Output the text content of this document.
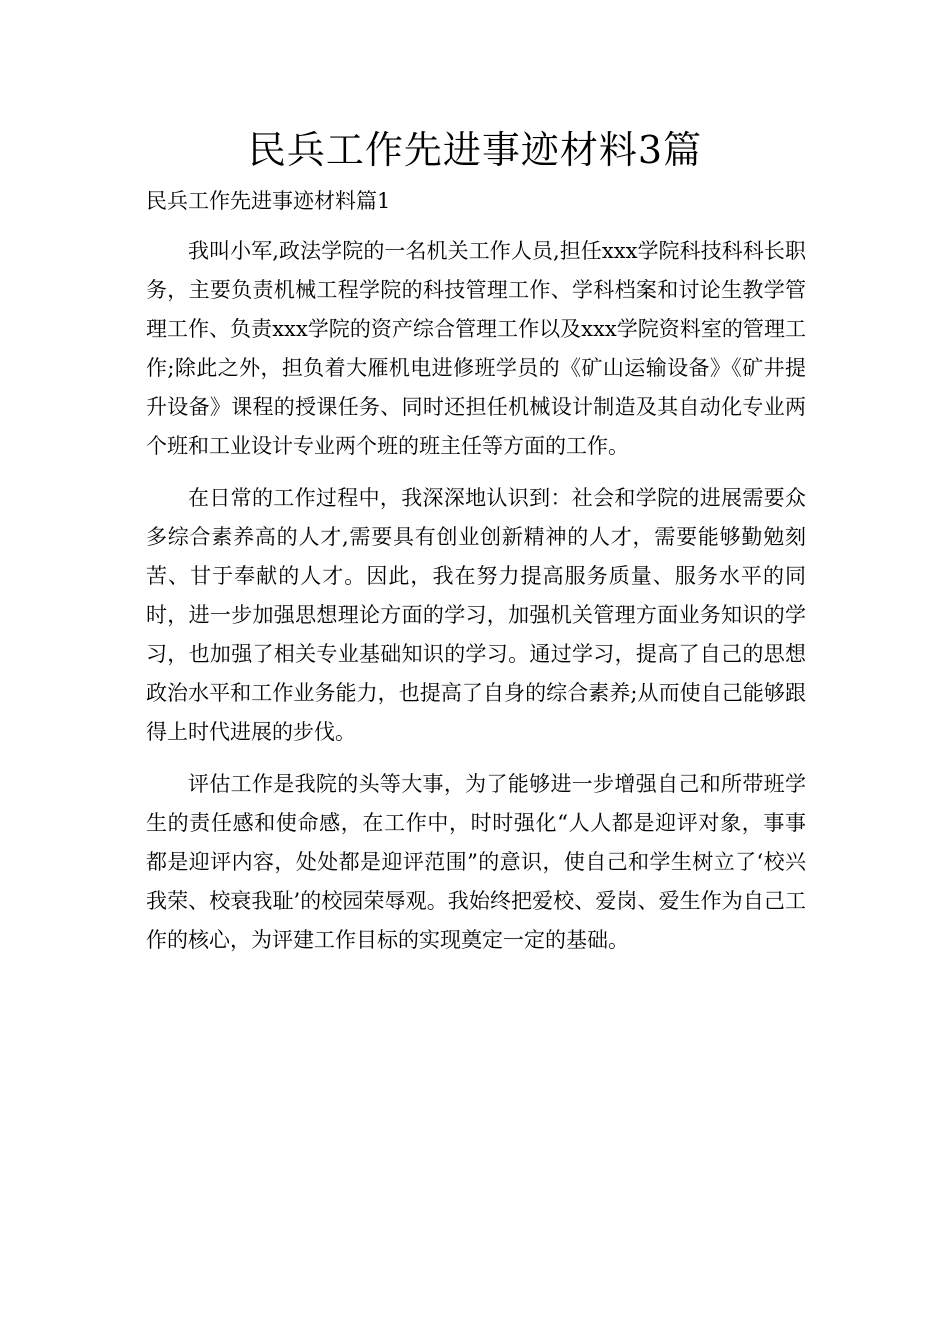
民兵工作先进事迹材料3篇
民兵工作先进事迹材料篇1

我叫小军,政法学院的一名机关工作人员,担任xxx学院科技科科长职务，主要负责机械工程学院的科技管理工作、学科档案和讨论生教学管理工作、负责xxx学院的资产综合管理工作以及xxx学院资料室的管理工作;除此之外，担负着大雁机电进修班学员的《矿山运输设备》《矿井提升设备》课程的授课任务、同时还担任机械设计制造及其自动化专业两个班和工业设计专业两个班的班主任等方面的工作。

在日常的工作过程中，我深深地认识到：社会和学院的进展需要众多综合素养高的人才,需要具有创业创新精神的人才，需要能够勤勉刻苦、甘于奉献的人才。因此，我在努力提高服务质量、服务水平的同时，进一步加强思想理论方面的学习，加强机关管理方面业务知识的学习，也加强了相关专业基础知识的学习。通过学习，提高了自己的思想政治水平和工作业务能力，也提高了自身的综合素养;从而使自己能够跟得上时代进展的步伐。

评估工作是我院的头等大事，为了能够进一步增强自己和所带班学生的责任感和使命感，在工作中，时时强化“人人都是迎评对象，事事都是迎评内容，处处都是迎评范围”的意识，使自己和学生树立了‘校兴我荣、校衰我耻’的校园荣辱观。我始终把爱校、爱岗、爱生作为自己工作的核心，为评建工作目标的实现奠定一定的基础。
